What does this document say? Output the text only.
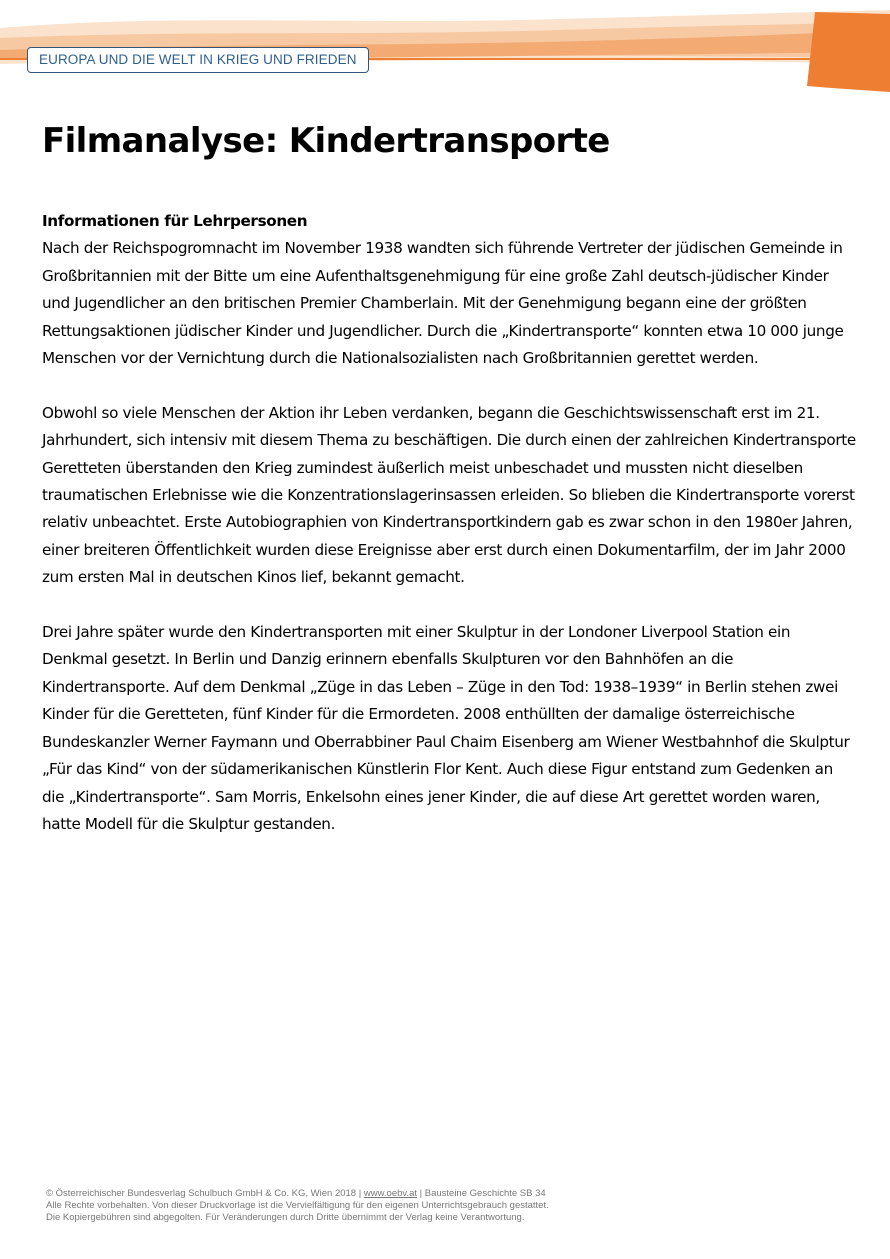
EUROPA UND DIE WELT IN KRIEG UND FRIEDEN
Filmanalyse: Kindertransporte
Informationen für Lehrpersonen

Nach der Reichspogromnacht im November 1938 wandten sich führende Vertreter der jüdischen Gemeinde in Großbritannien mit der Bitte um eine Aufenthaltsgenehmigung für eine große Zahl deutsch-jüdischer Kinder und Jugendlicher an den britischen Premier Chamberlain. Mit der Genehmigung begann eine der größten Rettungsaktionen jüdischer Kinder und Jugendlicher. Durch die „Kindertransporte“ konnten etwa 10 000 junge Menschen vor der Vernichtung durch die Nationalsozialisten nach Großbritannien gerettet werden.

Obwohl so viele Menschen der Aktion ihr Leben verdanken, begann die Geschichtswissenschaft erst im 21. Jahrhundert, sich intensiv mit diesem Thema zu beschäftigen. Die durch einen der zahlreichen Kindertransporte Geretteten überstanden den Krieg zumindest äußerlich meist unbeschadet und mussten nicht dieselben traumatischen Erlebnisse wie die Konzentrationslagerinsassen erleiden. So blieben die Kindertransporte vorerst relativ unbeachtet. Erste Autobiographien von Kindertransportkindern gab es zwar schon in den 1980er Jahren, einer breiteren Öffentlichkeit wurden diese Ereignisse aber erst durch einen Dokumentarfilm, der im Jahr 2000 zum ersten Mal in deutschen Kinos lief, bekannt gemacht.

Drei Jahre später wurde den Kindertransporten mit einer Skulptur in der Londoner Liverpool Station ein Denkmal gesetzt. In Berlin und Danzig erinnern ebenfalls Skulpturen vor den Bahnhöfen an die Kindertransporte. Auf dem Denkmal „Züge in das Leben – Züge in den Tod: 1938–1939“ in Berlin stehen zwei Kinder für die Geretteten, fünf Kinder für die Ermordeten. 2008 enthüllten der damalige österreichische Bundeskanzler Werner Faymann und Oberrabbiner Paul Chaim Eisenberg am Wiener Westbahnhof die Skulptur „Für das Kind“ von der südamerikanischen Künstlerin Flor Kent. Auch diese Figur entstand zum Gedenken an die „Kindertransporte“. Sam Morris, Enkelsohn eines jener Kinder, die auf diese Art gerettet worden waren, hatte Modell für die Skulptur gestanden.

© Österreichischer Bundesverlag Schulbuch GmbH & Co. KG, Wien 2018 | www.oebv.at | Bausteine Geschichte SB 34
Alle Rechte vorbehalten. Von dieser Druckvorlage ist die Vervielfältigung für den eigenen Unterrichtsgebrauch gestattet.
Die Kopiergebühren sind abgegolten. Für Veränderungen durch Dritte übernimmt der Verlag keine Verantwortung.
